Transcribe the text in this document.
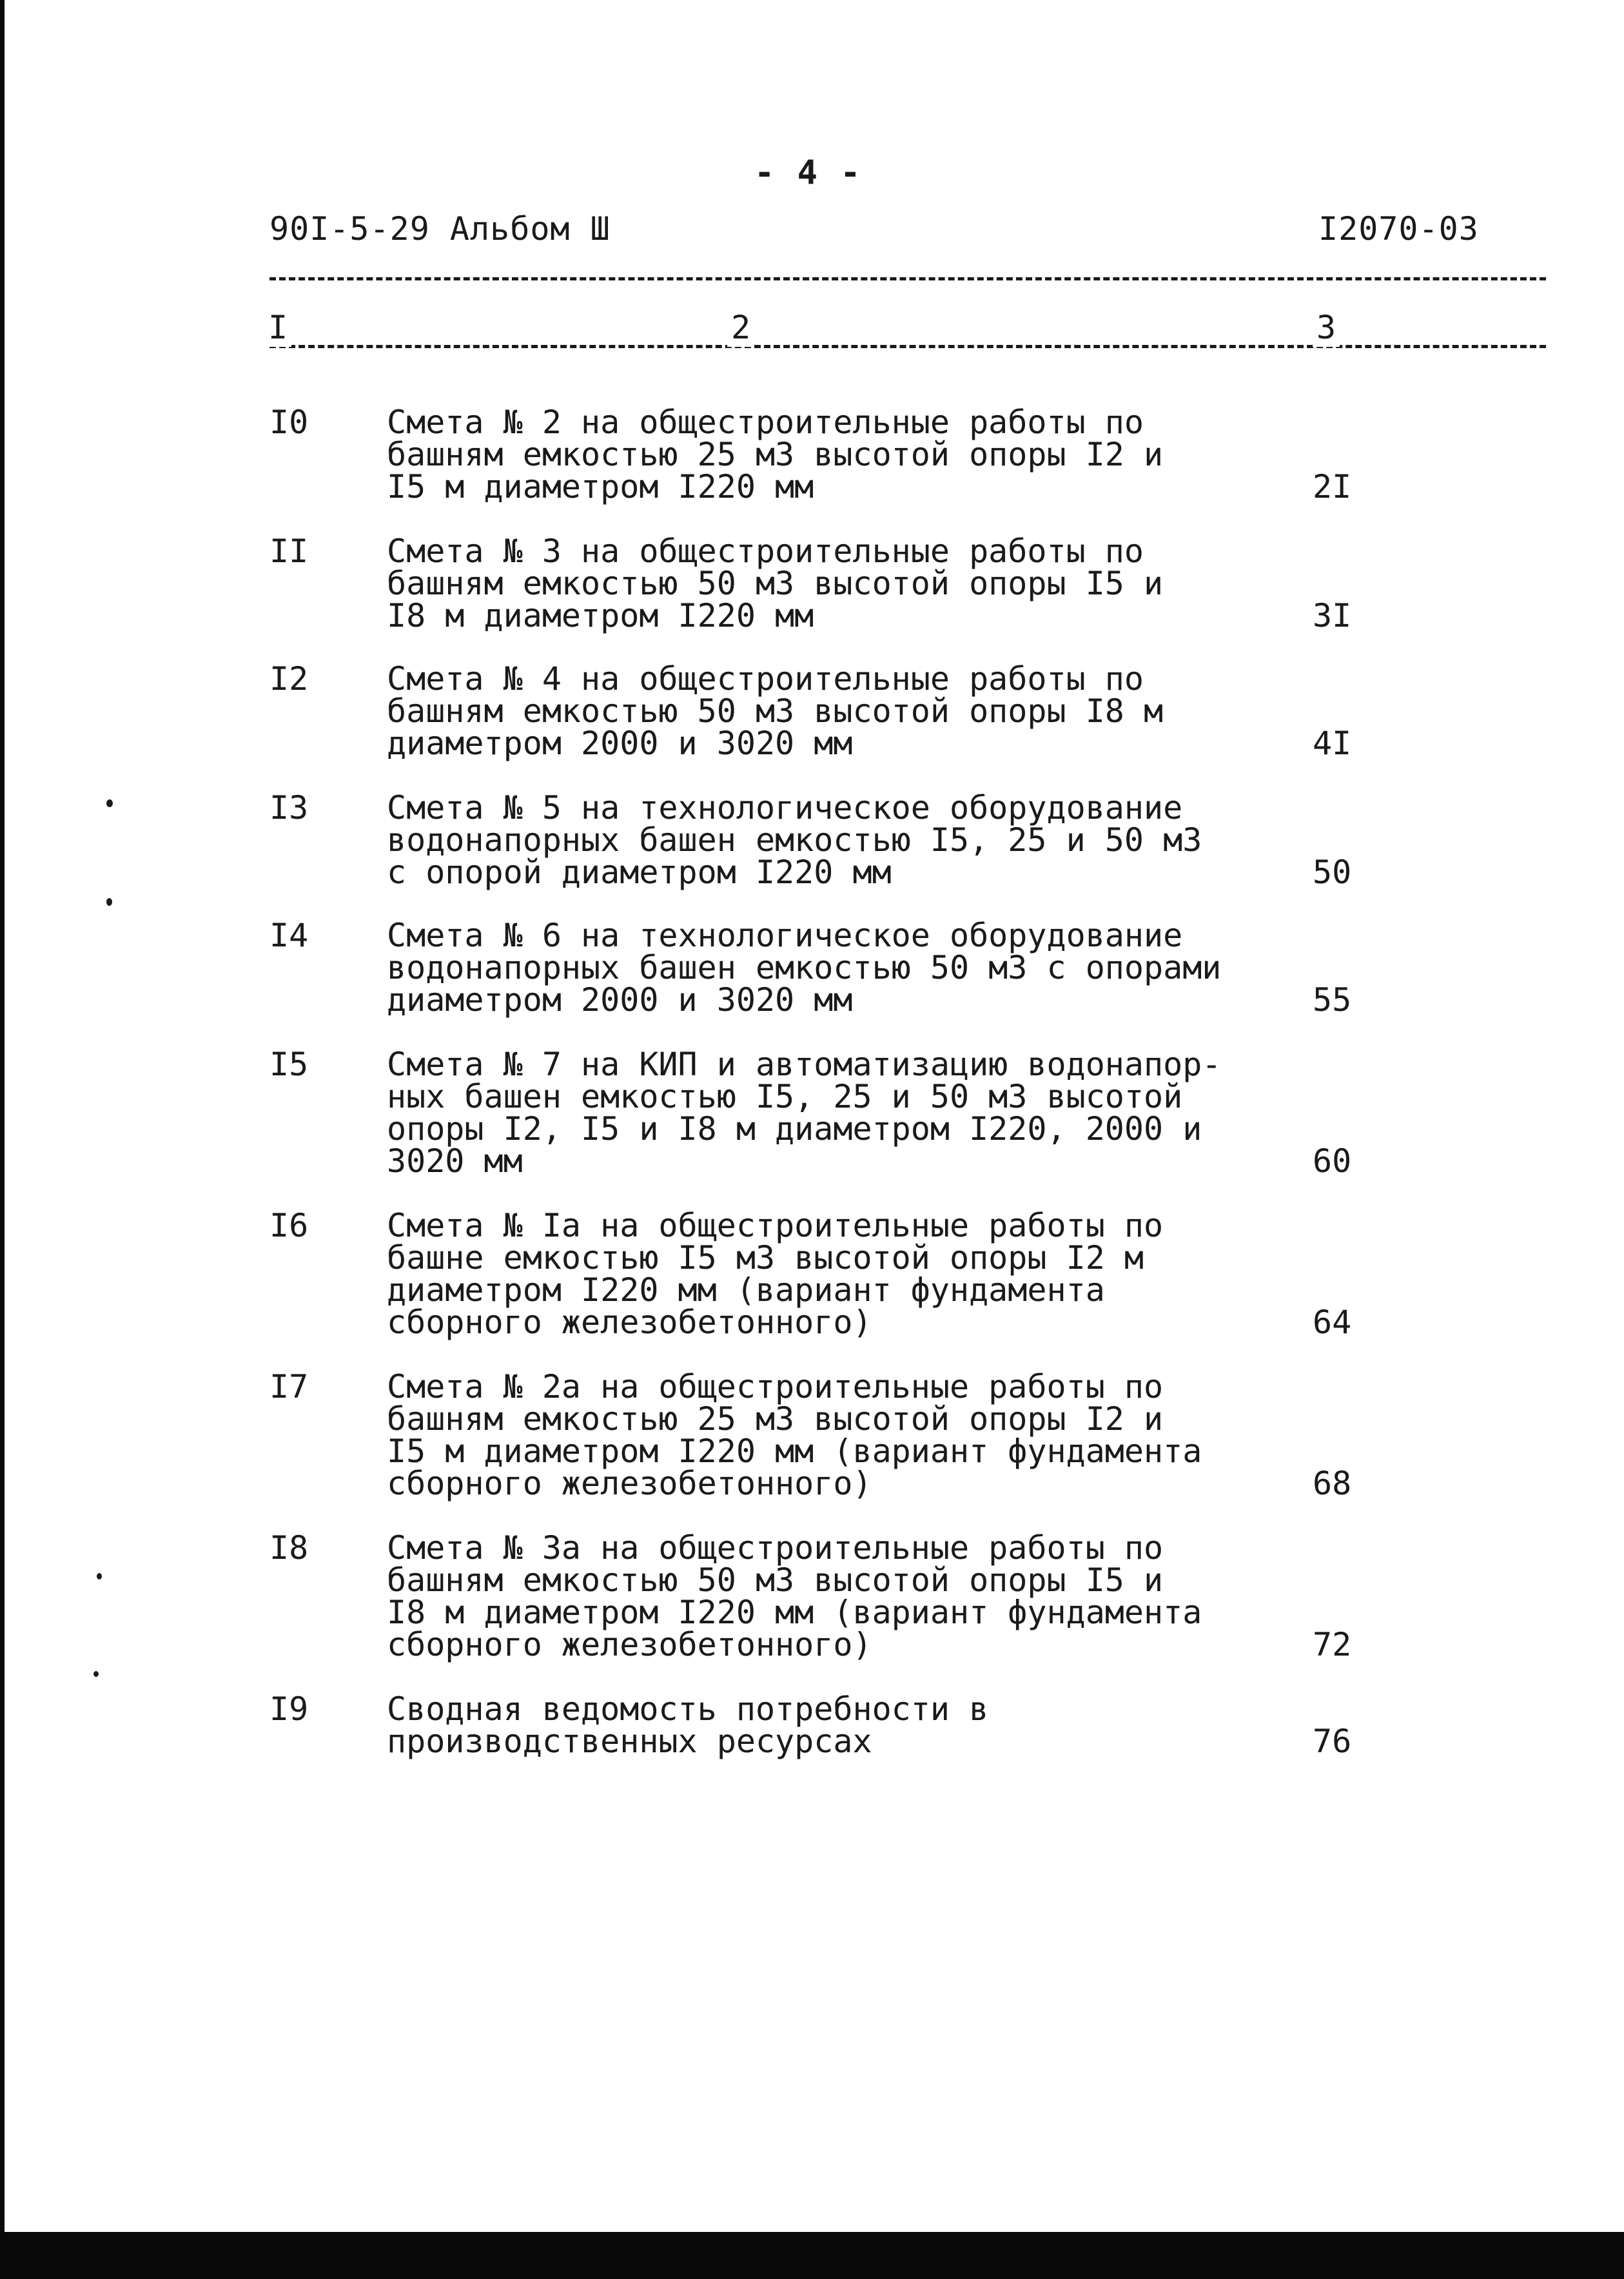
- 4 -
90I-5-29 Альбом Ш	I2070-03
I	2	3
I0 Смета № 2 на общестроительные работы по
башням емкостью 25 м3 высотой опоры I2 и
I5 м диаметром I220 мм	2I
II Смета № 3 на общестроительные работы по
башням емкостью 50 м3 высотой опоры I5 и
I8 м диаметром I220 мм	3I
I2 Смета № 4 на общестроительные работы по
башням емкостью 50 м3 высотой опоры I8 м
диаметром 2000 и 3020 мм	4I
I3 Смета № 5 на технологическое оборудование
водонапорных башен емкостью I5, 25 и 50 м3
с опорой диаметром I220 мм	50
I4 Смета № 6 на технологическое оборудование
водонапорных башен емкостью 50 м3 с опорами
диаметром 2000 и 3020 мм	55
I5 Смета № 7 на КИП и автоматизацию водонапор-
ных башен емкостью I5, 25 и 50 м3 высотой
опоры I2, I5 и I8 м диаметром I220, 2000 и
3020 мм	60
I6 Смета № Iа на общестроительные работы по
башне емкостью I5 м3 высотой опоры I2 м
диаметром I220 мм (вариант фундамента
сборного железобетонного)	64
I7 Смета № 2а на общестроительные работы по
башням емкостью 25 м3 высотой опоры I2 и
I5 м диаметром I220 мм (вариант фундамента
сборного железобетонного)	68
I8 Смета № 3а на общестроительные работы по
башням емкостью 50 м3 высотой опоры I5 и
I8 м диаметром I220 мм (вариант фундамента
сборного железобетонного)	72
I9 Сводная ведомость потребности в
производственных ресурсах	76
